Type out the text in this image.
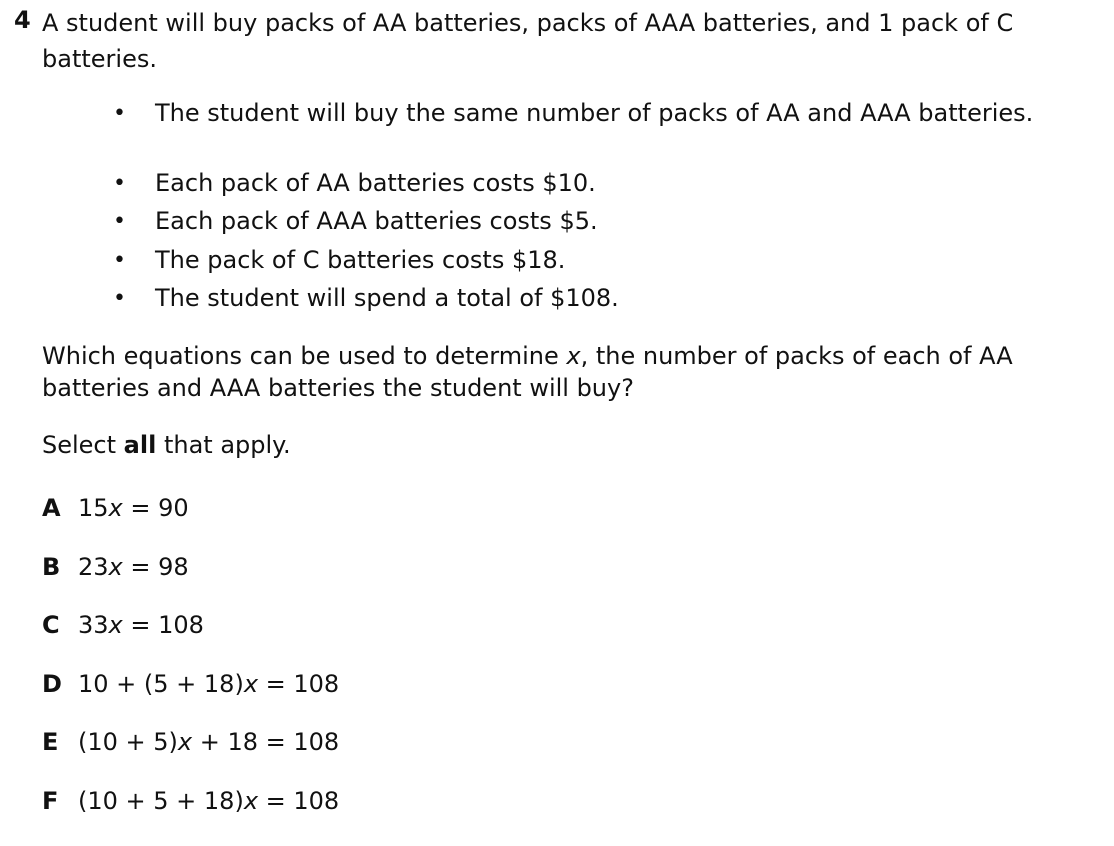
4 A student will buy packs of AA batteries, packs of AAA batteries, and 1 pack of C batteries.
• The student will buy the same number of packs of AA and AAA batteries.
• Each pack of AA batteries costs $10.
• Each pack of AAA batteries costs $5.
• The pack of C batteries costs $18.
• The student will spend a total of $108.
Which equations can be used to determine x, the number of packs of each of AA batteries and AAA batteries the student will buy?
Select all that apply.
A 15x = 90
B 23x = 98
C 33x = 108
D 10 + (5 + 18)x = 108
E (10 + 5)x + 18 = 108
F (10 + 5 + 18)x = 108
